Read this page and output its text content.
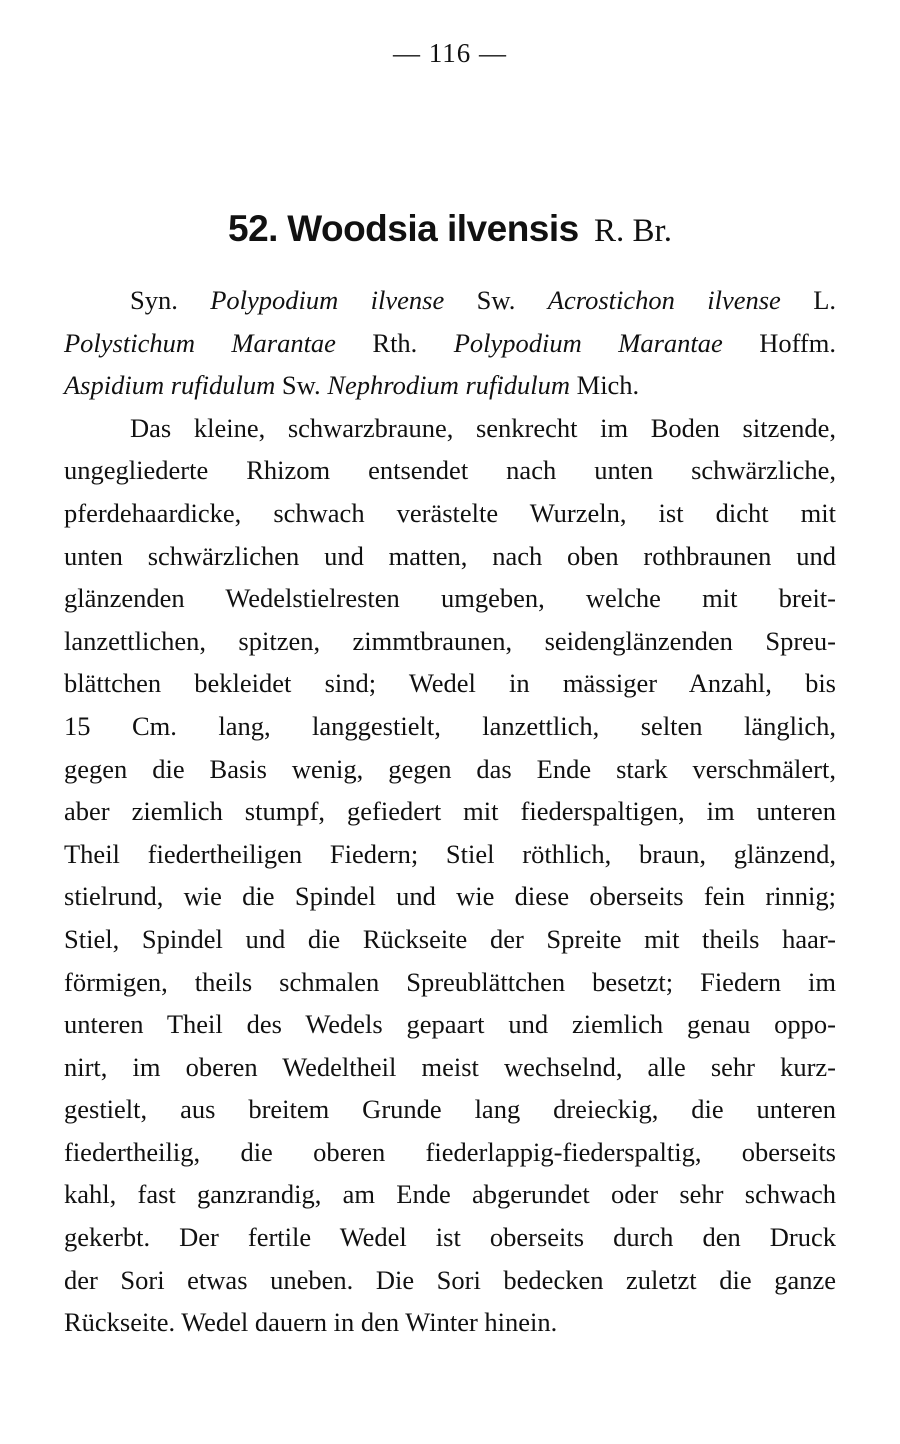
— 116 —
52. Woodsia ilvensis R. Br.
Syn. Polypodium ilvense Sw. Acrostichon ilvense L.
Polystichum Marantae Rth. Polypodium Marantae Hoffm.
Aspidium rufidulum Sw. Nephrodium rufidulum Mich.
Das kleine, schwarzbraune, senkrecht im Boden sitzende,
ungegliederte Rhizom entsendet nach unten schwärzliche,
pferdehaardicke, schwach verästelte Wurzeln, ist dicht mit
unten schwärzlichen und matten, nach oben rothbraunen und
glänzenden Wedelstielresten umgeben, welche mit breit-
lanzettlichen, spitzen, zimmtbraunen, seidenglänzenden Spreu-
blättchen bekleidet sind; Wedel in mässiger Anzahl, bis
15 Cm. lang, langgestielt, lanzettlich, selten länglich,
gegen die Basis wenig, gegen das Ende stark verschmälert,
aber ziemlich stumpf, gefiedert mit fiederspaltigen, im unteren
Theil fiedertheiligen Fiedern; Stiel röthlich, braun, glänzend,
stielrund, wie die Spindel und wie diese oberseits fein rinnig;
Stiel, Spindel und die Rückseite der Spreite mit theils haar-
förmigen, theils schmalen Spreublättchen besetzt; Fiedern im
unteren Theil des Wedels gepaart und ziemlich genau oppo-
nirt, im oberen Wedeltheil meist wechselnd, alle sehr kurz-
gestielt, aus breitem Grunde lang dreieckig, die unteren
fiedertheilig, die oberen fiederlappig-fiederspaltig, oberseits
kahl, fast ganzrandig, am Ende abgerundet oder sehr schwach
gekerbt. Der fertile Wedel ist oberseits durch den Druck
der Sori etwas uneben. Die Sori bedecken zuletzt die ganze
Rückseite. Wedel dauern in den Winter hinein.
